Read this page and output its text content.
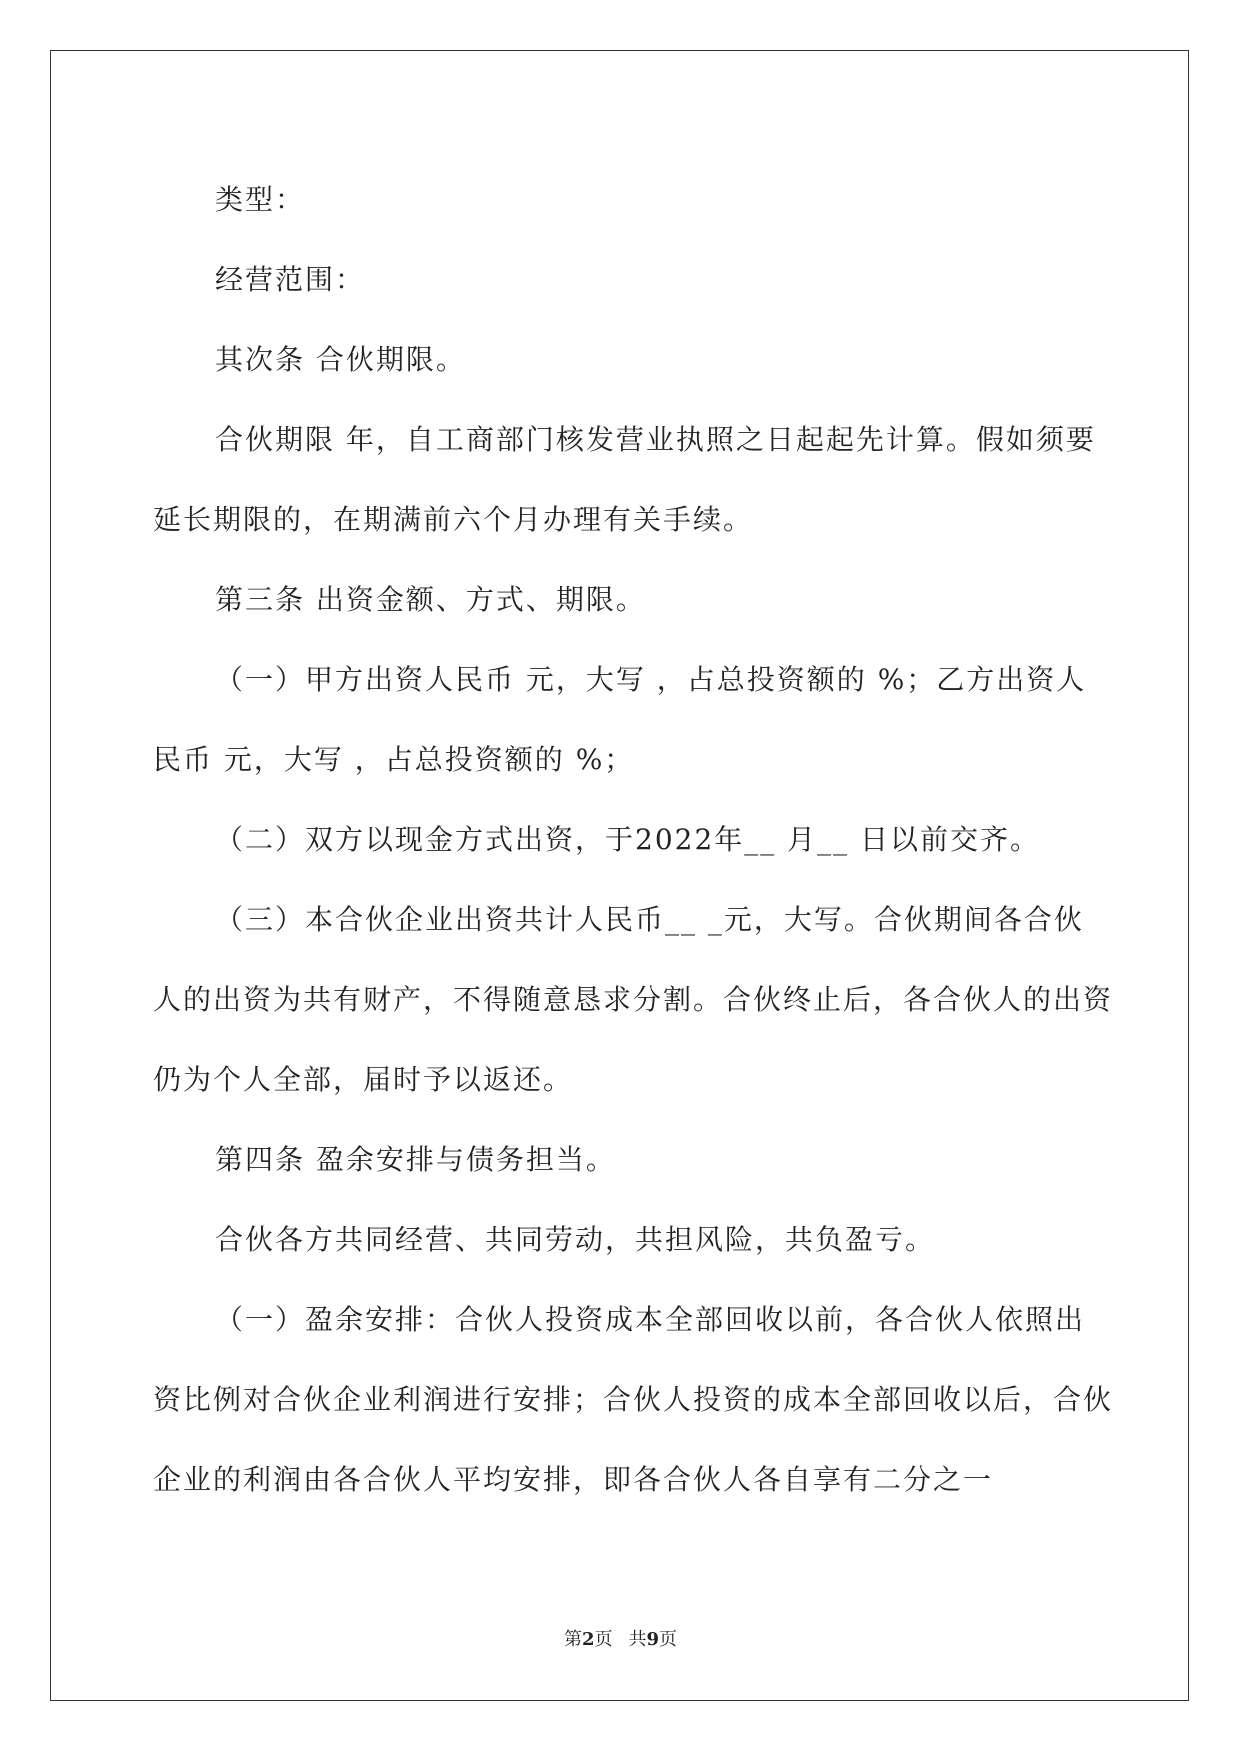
类型：

经营范围：

其次条 合伙期限。

合伙期限 年，自工商部门核发营业执照之日起起先计算。假如须要延长期限的，在期满前六个月办理有关手续。

第三条 出资金额、方式、期限。

（一）甲方出资人民币 元，大写 ，占总投资额的 %；乙方出资人民币 元，大写 ，占总投资额的 %；

（二）双方以现金方式出资，于2022年__ 月__ 日以前交齐。

（三）本合伙企业出资共计人民币__ _元，大写。合伙期间各合伙人的出资为共有财产，不得随意恳求分割。合伙终止后，各合伙人的出资仍为个人全部，届时予以返还。

第四条 盈余安排与债务担当。

合伙各方共同经营、共同劳动，共担风险，共负盈亏。

（一）盈余安排：合伙人投资成本全部回收以前，各合伙人依照出资比例对合伙企业利润进行安排；合伙人投资的成本全部回收以后，合伙企业的利润由各合伙人平均安排，即各合伙人各自享有二分之一

第2页 共9页
